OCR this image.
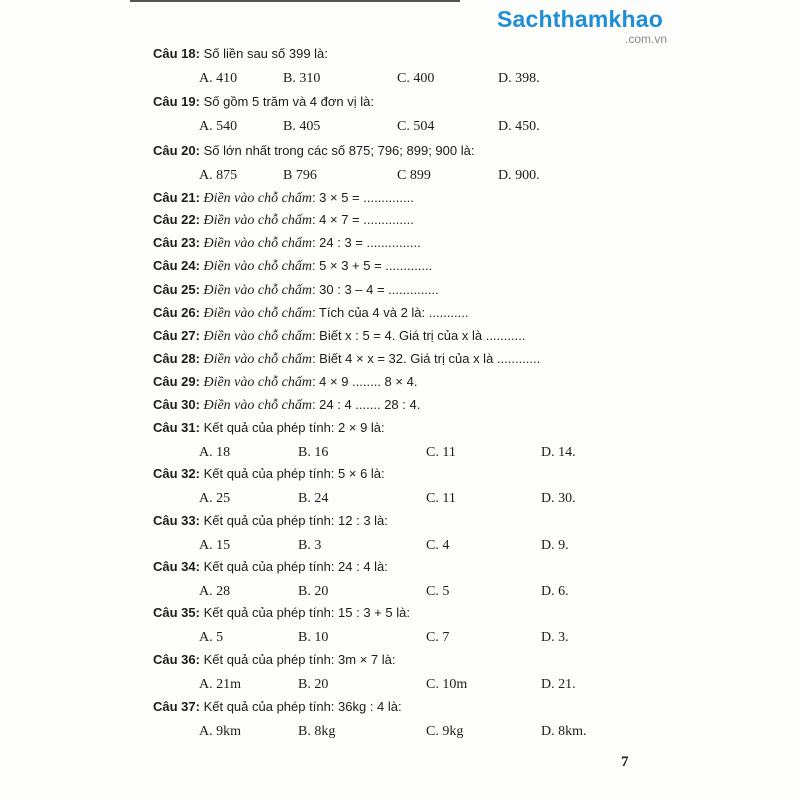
Sachthamkhao
.com.vn
Câu 18: Số liền sau số 399 là:
A. 410	B. 310	C. 400	D. 398.
Câu 19: Số gồm 5 trăm và 4 đơn vị là:
A. 540	B. 405	C. 504	D. 450.
Câu 20: Số lớn nhất trong các số 875; 796; 899; 900 là:
A. 875	B 796	C 899	D. 900.
Câu 21: Điền vào chỗ chấm: 3 × 5 = ..............
Câu 22: Điền vào chỗ chấm: 4 × 7 = ..............
Câu 23: Điền vào chỗ chấm: 24 : 3 = ...............
Câu 24: Điền vào chỗ chấm: 5 × 3 + 5 = .............
Câu 25: Điền vào chỗ chấm: 30 : 3 – 4 = ..............
Câu 26: Điền vào chỗ chấm: Tích của 4 và 2 là: ...........
Câu 27: Điền vào chỗ chấm: Biết x : 5 = 4. Giá trị của x là ...........
Câu 28: Điền vào chỗ chấm: Biết 4 × x = 32. Giá trị của x là ............
Câu 29: Điền vào chỗ chấm: 4 × 9 ........ 8 × 4.
Câu 30: Điền vào chỗ chấm: 24 : 4 ....... 28 : 4.
Câu 31: Kết quả của phép tính: 2 × 9 là:
A. 18	B. 16	C. 11	D. 14.
Câu 32: Kết quả của phép tính: 5 × 6 là:
A. 25	B. 24	C. 11	D. 30.
Câu 33: Kết quả của phép tính: 12 : 3 là:
A. 15	B. 3	C. 4	D. 9.
Câu 34: Kết quả của phép tính: 24 : 4 là:
A. 28	B. 20	C. 5	D. 6.
Câu 35: Kết quả của phép tính: 15 : 3 + 5 là:
A. 5	B. 10	C. 7	D. 3.
Câu 36: Kết quả của phép tính: 3m × 7 là:
A. 21m	B. 20	C. 10m	D. 21.
Câu 37: Kết quả của phép tính: 36kg : 4 là:
A. 9km	B. 8kg	C. 9kg	D. 8km.
7
